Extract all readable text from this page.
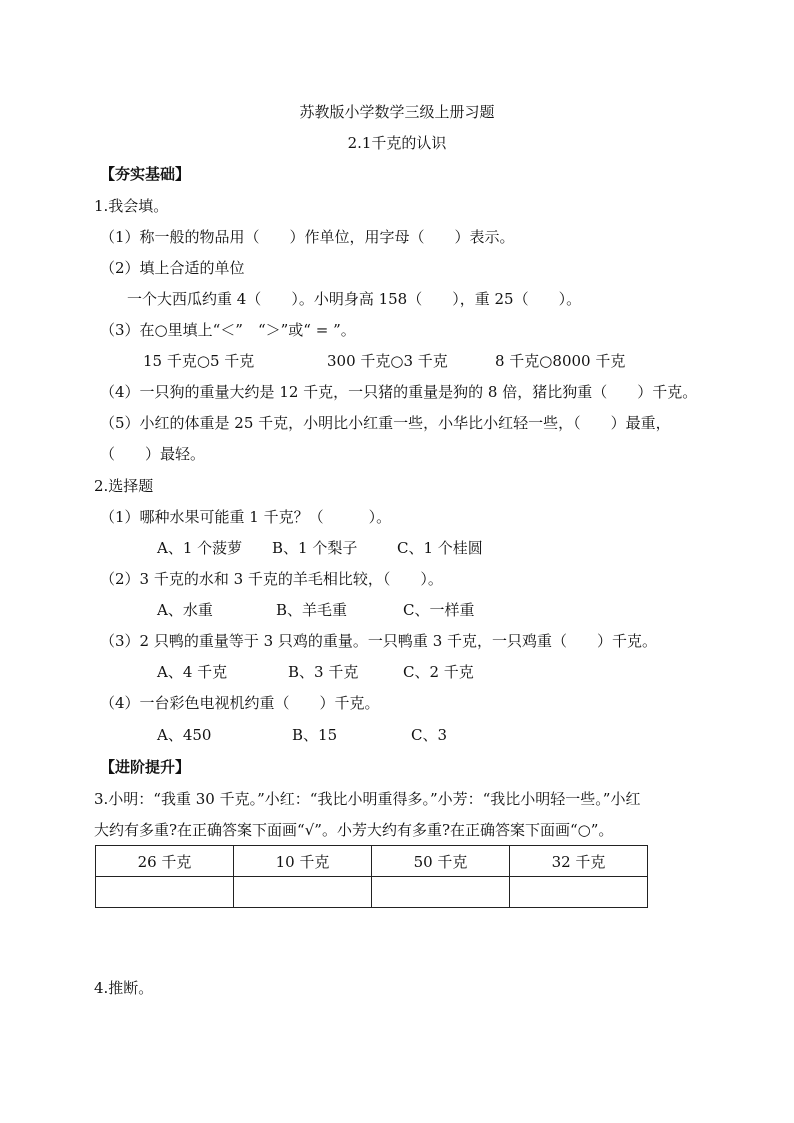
苏教版小学数学三级上册习题
2.1千克的认识
【夯实基础】
1.我会填。
（1）称一般的物品用（　　）作单位，用字母（　　）表示。
（2）填上合适的单位
一个大西瓜约重 4（　　）。小明身高 158（　　），重 25（　　）。
（3）在○里填上“＜”　“＞”或“ = ”。
15 千克○5 千克	300 千克○3 千克	8 千克○8000 千克
（4）一只狗的重量大约是 12 千克，一只猪的重量是狗的 8 倍，猪比狗重（　　）千克。
（5）小红的体重是 25 千克，小明比小红重一些，小华比小红轻一些，（　　）最重，
（　　）最轻。
2.选择题
（1）哪种水果可能重 1 千克？（　　　）。
A、1 个菠萝 B、1 个梨子	C、1 个桂圆
（2）3 千克的水和 3 千克的羊毛相比较，（　　）。
A、水重	B、羊毛重	C、一样重
（3）2 只鸭的重量等于 3 只鸡的重量。一只鸭重 3 千克，一只鸡重（　　）千克。
A、4 千克	B、3 千克	C、2 千克
（4）一台彩色电视机约重（　　）千克。
A、450	B、15	C、3
【进阶提升】
3.小明：“我重 30 千克。”小红：“我比小明重得多。”小芳：“我比小明轻一些。”小红
大约有多重?在正确答案下面画“√”。小芳大约有多重?在正确答案下面画“○”。
26 千克	10 千克	50 千克	32 千克

4.推断。
